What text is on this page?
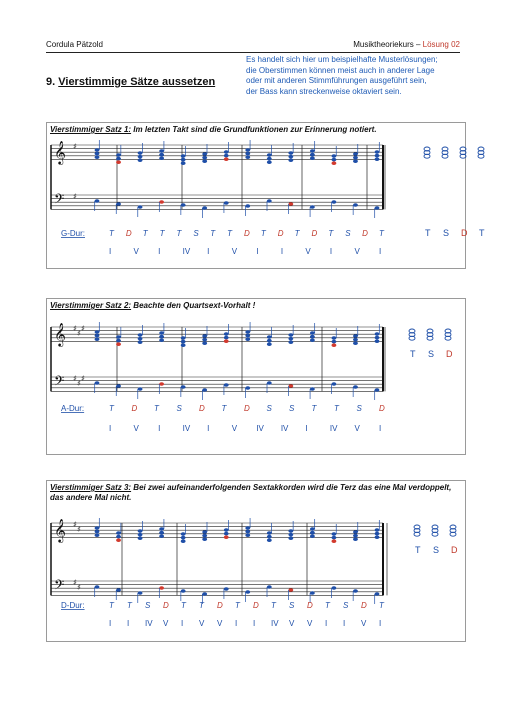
Cordula Pätzold	Musiktheoriekurs – Lösung 02
9. Vierstimmige Sätze aussetzen
Es handelt sich hier um beispielhafte Musterlösungen;
die Oberstimmen können meist auch in anderer Lage
oder mit anderen Stimmführungen ausgeführt sein,
der Bass kann streckenweise oktaviert sein.
Vierstimmiger Satz 1: Im letzten Takt sind die Grundfunktionen zur Erinnerung notiert.
𝄞 ♯
𝄢 ♯
G-Dur:	T D T T T S T T D T D T D T S D T
I	V I	IV I	V I	I	V I	V I
T S D T
Vierstimmiger Satz 2: Beachte den Quartsext-Vorhalt !
𝄞 ♯
♯
♯
𝄢 ♯
♯
♯
A-Dur:	T D T S D T D S S T T S D
I	V I	IV I	V IV IV I	IV V I
T S D
Vierstimmiger Satz 3: Bei zwei aufeinanderfolgenden Sextakkorden wird die Terz das eine Mal verdoppelt, das andere Mal nicht.
𝄞 ♯
♯
𝄢 ♯
♯
D-Dur:	T T S D T T D T D T S D T S D T
I I IV V I V V I I IV V V I I V I
T S D
